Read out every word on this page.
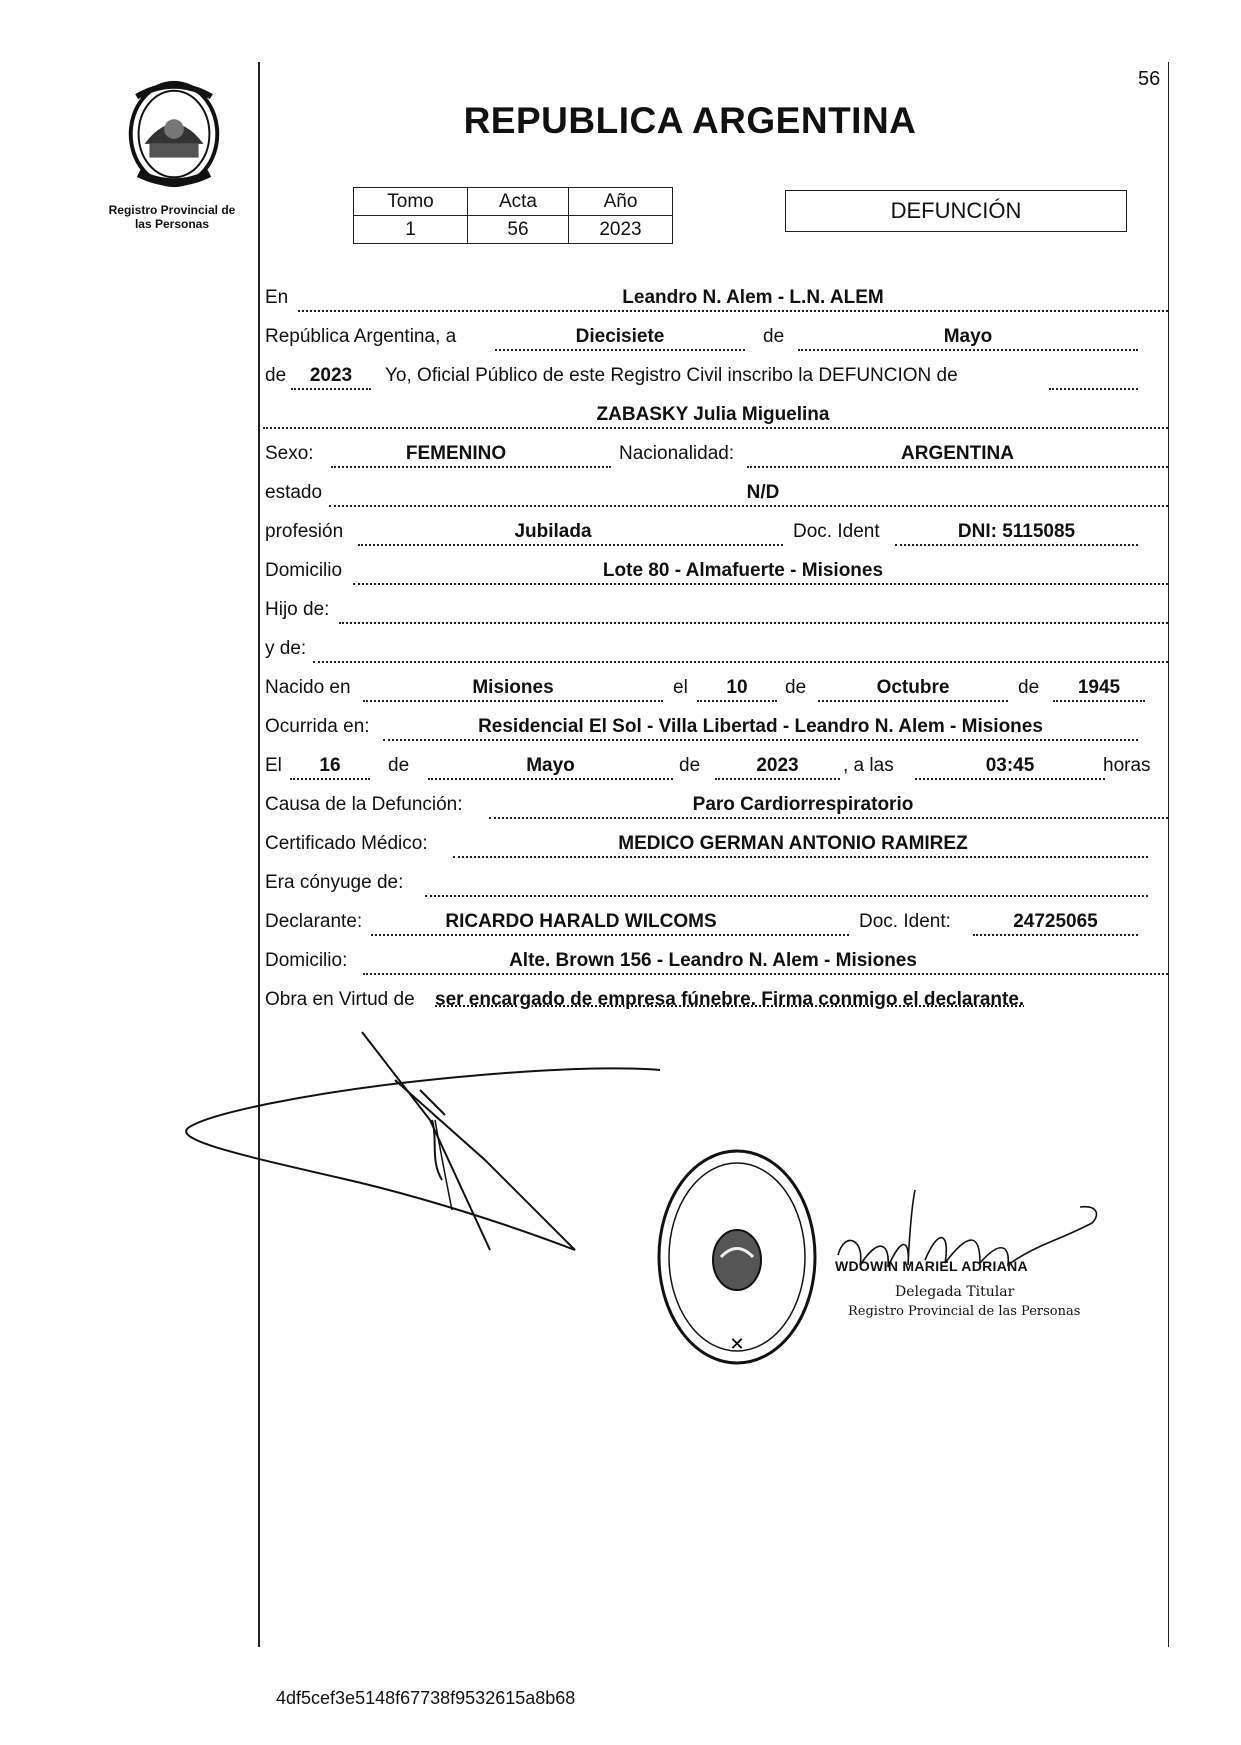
Registro Provincial de
las Personas
56
REPUBLICA ARGENTINA
Tomo	Acta	Año
1	56	2023
DEFUNCIÓN
En	Leandro N. Alem - L.N. ALEM
República Argentina, a	Diecisiete	de	Mayo
de	2023	Yo, Oficial Público de este Registro Civil inscribo la DEFUNCION de
ZABASKY Julia Miguelina
Sexo:	FEMENINO	Nacionalidad:	ARGENTINA
estado	N/D
profesión	Jubilada	Doc. Ident	DNI: 5115085
Domicilio	Lote 80 - Almafuerte - Misiones
Hijo de:
y de:
Nacido en	Misiones	el	10	de	Octubre	de	1945
Ocurrida en:	Residencial El Sol - Villa Libertad - Leandro N. Alem - Misiones
El	16	de	Mayo	de	2023	, a las	03:45	horas
Causa de la Defunción:	Paro Cardiorrespiratorio
Certificado Médico:	MEDICO GERMAN ANTONIO RAMIREZ
Era cónyuge de:
Declarante:	RICARDO HARALD WILCOMS	Doc. Ident:	24725065
Domicilio:	Alte. Brown 156 - Leandro N. Alem - Misiones
Obra en Virtud de ser encargado de empresa fúnebre. Firma conmigo el declarante.
✕
WDOWIN MARIEL ADRIANA
Delegada Titular
Registro Provincial de las Personas
4df5cef3e5148f67738f9532615a8b68
